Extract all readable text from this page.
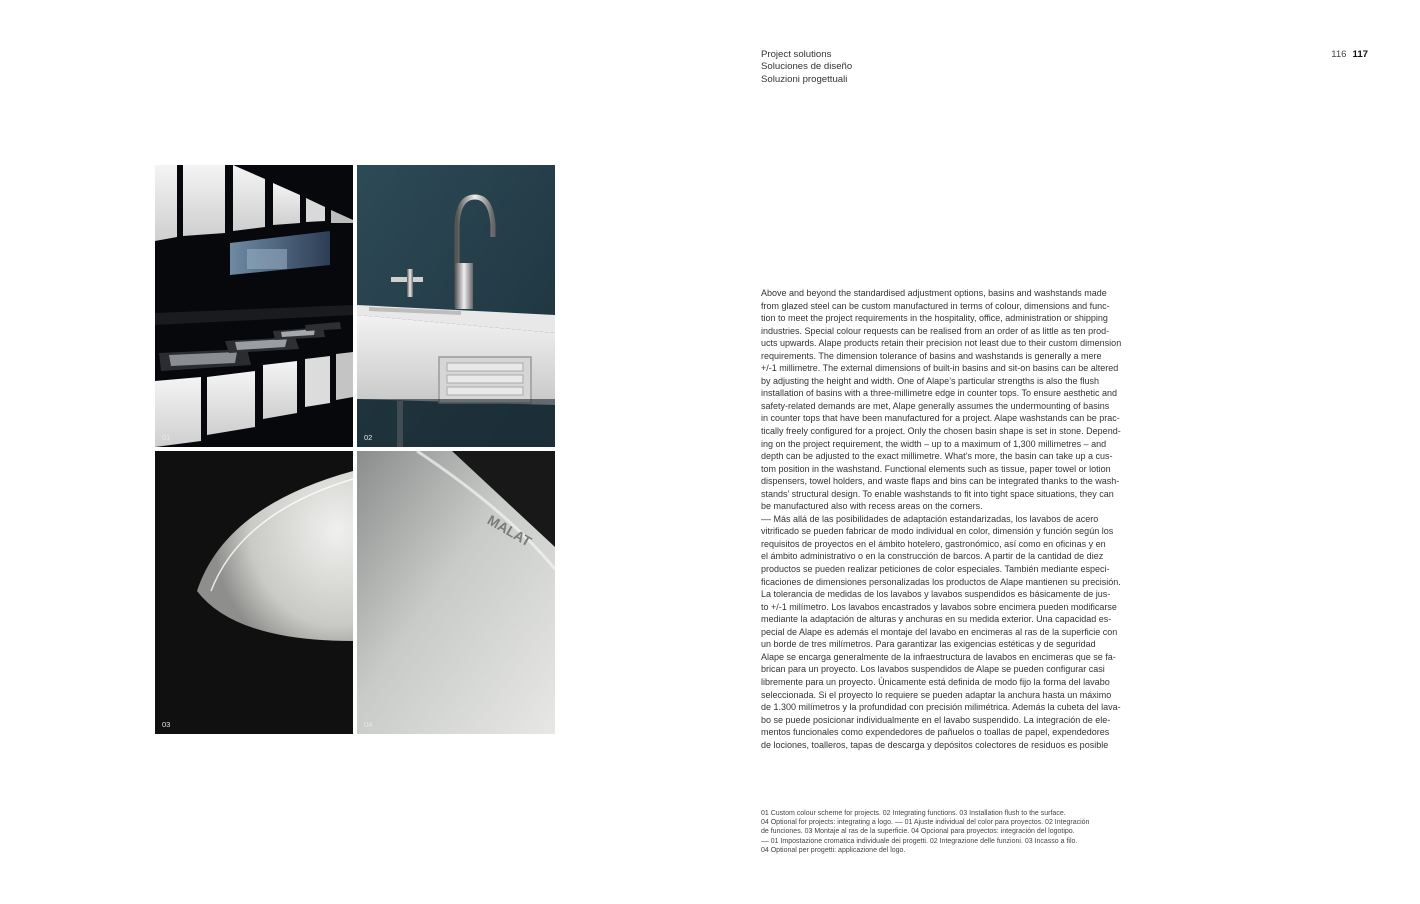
Project solutions
Soluciones de diseño
Soluzioni progettuali
116 117
01	02
03
MALAT
04
Above and beyond the standardised adjustment options, basins and washstands made
from glazed steel can be custom manufactured in terms of colour, dimensions and func-
tion to meet the project requirements in the hospitality, office, administration or shipping
industries. Special colour requests can be realised from an order of as little as ten prod-
ucts upwards. Alape products retain their precision not least due to their custom dimension
requirements. The dimension tolerance of basins and washstands is generally a mere
+/-1 millimetre. The external dimensions of built-in basins and sit-on basins can be altered
by adjusting the height and width. One of Alape’s particular strengths is also the flush
installation of basins with a three-millimetre edge in counter tops. To ensure aesthetic and
safety-related demands are met, Alape generally assumes the undermounting of basins
in counter tops that have been manufactured for a project. Alape washstands can be prac-
tically freely configured for a project. Only the chosen basin shape is set in stone. Depend-
ing on the project requirement, the width – up to a maximum of 1,300 millimetres – and
depth can be adjusted to the exact millimetre. What’s more, the basin can take up a cus-
tom position in the washstand. Functional elements such as tissue, paper towel or lotion
dispensers, towel holders, and waste flaps and bins can be integrated thanks to the wash-
stands’ structural design. To enable washstands to fit into tight space situations, they can
be manufactured also with recess areas on the corners.
–– Más allá de las posibilidades de adaptación estandarizadas, los lavabos de acero
vitrificado se pueden fabricar de modo individual en color, dimensión y función según los
requisitos de proyectos en el ámbito hotelero, gastronómico, así como en oficinas y en
el ámbito administrativo o en la construcción de barcos. A partir de la cantidad de diez
productos se pueden realizar peticiones de color especiales. También mediante especi-
ficaciones de dimensiones personalizadas los productos de Alape mantienen su precisión.
La tolerancia de medidas de los lavabos y lavabos suspendidos es básicamente de jus-
to +/-1 milímetro. Los lavabos encastrados y lavabos sobre encimera pueden modificarse
mediante la adaptación de alturas y anchuras en su medida exterior. Una capacidad es-
pecial de Alape es además el montaje del lavabo en encimeras al ras de la superficie con
un borde de tres milímetros. Para garantizar las exigencias estéticas y de seguridad
Alape se encarga generalmente de la infraestructura de lavabos en encimeras que se fa-
brican para un proyecto. Los lavabos suspendidos de Alape se pueden configurar casi
libremente para un proyecto. Únicamente está definida de modo fijo la forma del lavabo
seleccionada. Si el proyecto lo requiere se pueden adaptar la anchura hasta un máximo
de 1.300 milímetros y la profundidad con precisión milimétrica. Además la cubeta del lava-
bo se puede posicionar individualmente en el lavabo suspendido. La integración de ele-
mentos funcionales como expendedores de pañuelos o toallas de papel, expendedores
de lociones, toalleros, tapas de descarga y depósitos colectores de residuos es posible
01 Custom colour scheme for projects. 02 Integrating functions. 03 Installation flush to the surface.
04 Optional for projects: integrating a logo. –– 01 Ajuste individual del color para proyectos. 02 Integración
de funciones. 03 Montaje al ras de la superficie. 04 Opcional para proyectos: integración del logotipo.
–– 01 Impostazione cromatica individuale dei progetti. 02 Integrazione delle funzioni. 03 Incasso a filo.
04 Optional per progetti: applicazione del logo.
